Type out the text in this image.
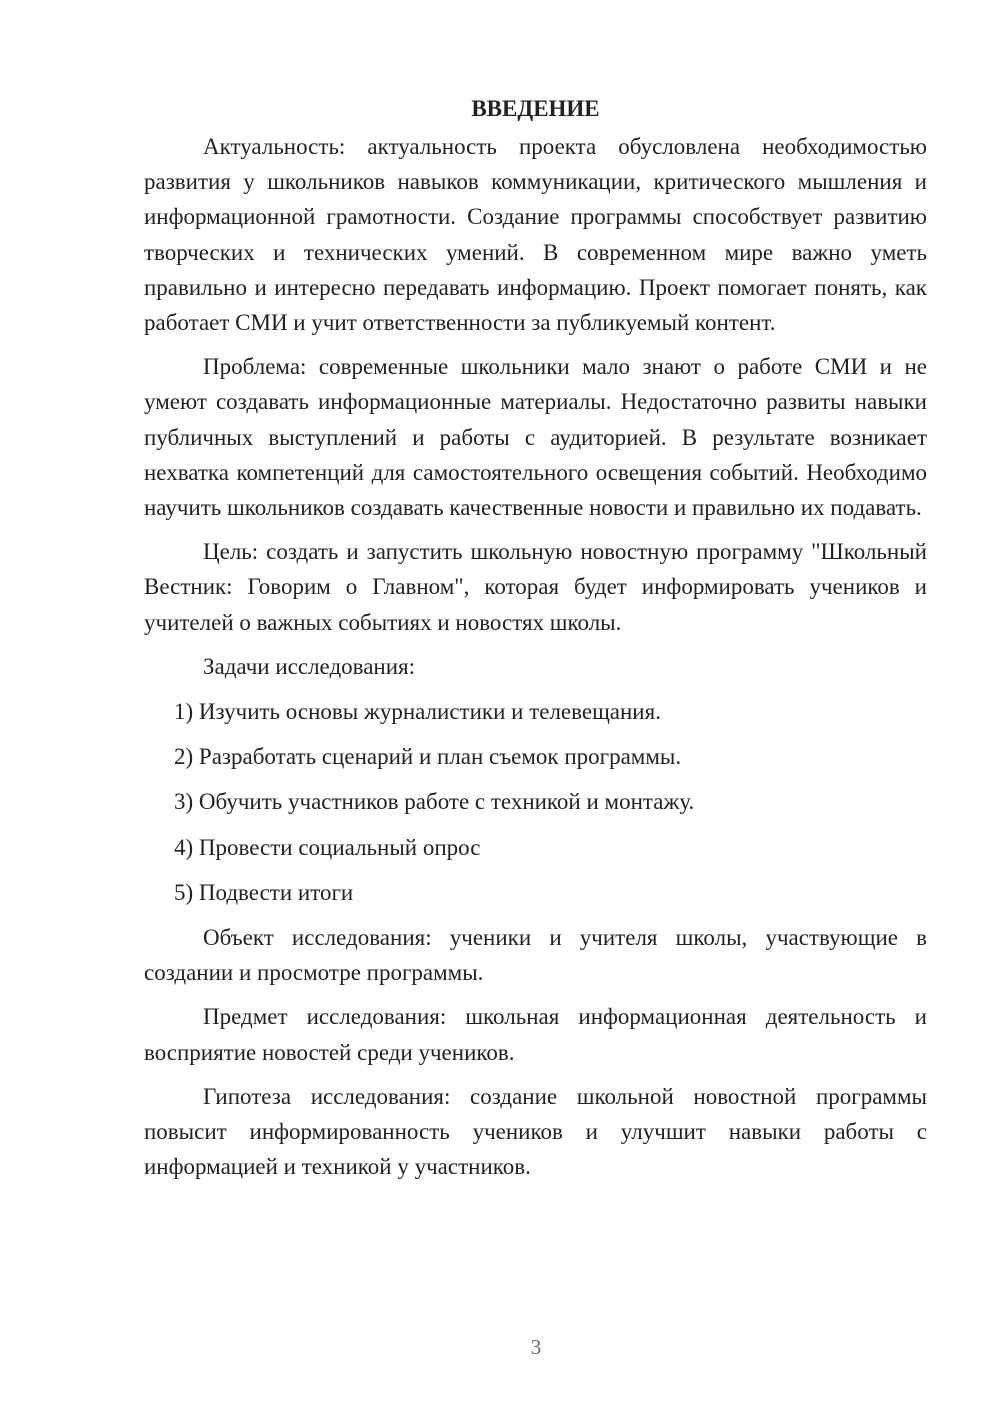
ВВЕДЕНИЕ

Актуальность: актуальность проекта обусловлена необходимостью развития у школьников навыков коммуникации, критического мышления и информационной грамотности. Создание программы способствует развитию творческих и технических умений. В современном мире важно уметь правильно и интересно передавать информацию. Проект помогает понять, как работает СМИ и учит ответственности за публикуемый контент.

Проблема: современные школьники мало знают о работе СМИ и не умеют создавать информационные материалы. Недостаточно развиты навыки публичных выступлений и работы с аудиторией. В результате возникает нехватка компетенций для самостоятельного освещения событий. Необходимо научить школьников создавать качественные новости и правильно их подавать.

Цель: создать и запустить школьную новостную программу "Школьный Вестник: Говорим о Главном", которая будет информировать учеников и учителей о важных событиях и новостях школы.

Задачи исследования:
1) Изучить основы журналистики и телевещания.
2) Разработать сценарий и план съемок программы.
3) Обучить участников работе с техникой и монтажу.
4) Провести социальный опрос
5) Подвести итоги

Объект исследования: ученики и учителя школы, участвующие в создании и просмотре программы.

Предмет исследования: школьная информационная деятельность и восприятие новостей среди учеников.

Гипотеза исследования: создание школьной новостной программы повысит информированность учеников и улучшит навыки работы с информацией и техникой у участников.

3
